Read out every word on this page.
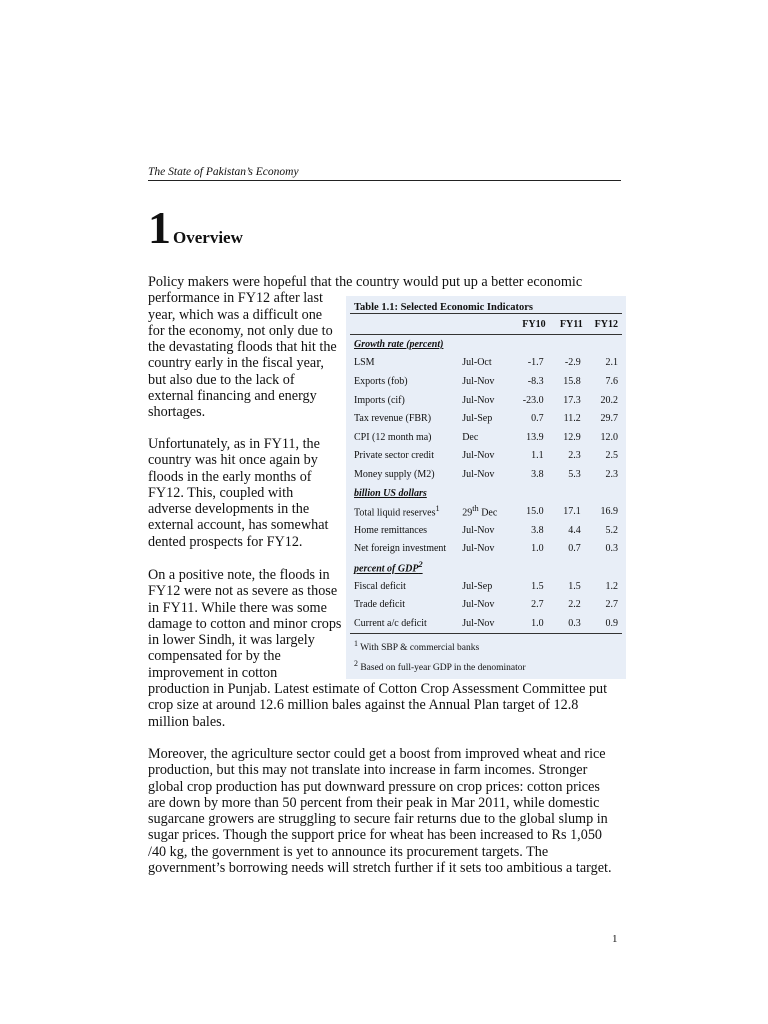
The State of Pakistan’s Economy
1 Overview
Policy makers were hopeful that the country would put up a better economic
performance in FY12 after last
year, which was a difficult one
for the economy, not only due to
the devastating floods that hit the
country early in the fiscal year,
but also due to the lack of
external financing and energy
shortages.
Unfortunately, as in FY11, the
country was hit once again by
floods in the early months of
FY12. This, coupled with
adverse developments in the
external account, has somewhat
dented prospects for FY12.
On a positive note, the floods in
FY12 were not as severe as those
in FY11. While there was some
damage to cotton and minor crops
in lower Sindh, it was largely
compensated for by the
improvement in cotton
production in Punjab. Latest estimate of Cotton Crop Assessment Committee put
crop size at around 12.6 million bales against the Annual Plan target of 12.8
million bales.
Moreover, the agriculture sector could get a boost from improved wheat and rice
production, but this may not translate into increase in farm incomes. Stronger
global crop production has put downward pressure on crop prices: cotton prices
are down by more than 50 percent from their peak in Mar 2011, while domestic
sugarcane growers are struggling to secure fair returns due to the global slump in
sugar prices. Though the support price for wheat has been increased to Rs 1,050
/40 kg, the government is yet to announce its procurement targets. The
government’s borrowing needs will stretch further if it sets too ambitious a target.
Table 1.1: Selected Economic Indicators
		FY10	FY11	FY12
Growth rate (percent)				
LSM	Jul-Oct	-1.7	-2.9	2.1
Exports (fob)	Jul-Nov	-8.3	15.8	7.6
Imports (cif)	Jul-Nov	-23.0	17.3	20.2
Tax revenue (FBR)	Jul-Sep	0.7	11.2	29.7
CPI (12 month ma)	Dec	13.9	12.9	12.0
Private sector credit	Jul-Nov	1.1	2.3	2.5
Money supply (M2)	Jul-Nov	3.8	5.3	2.3
billion US dollars				
Total liquid reserves$^1$	29th Dec	15.0	17.1	16.9
Home remittances	Jul-Nov	3.8	4.4	5.2
Net foreign investment	Jul-Nov	1.0	0.7	0.3
percent of GDP$^2$
Fiscal deficit	Jul-Sep	1.5	1.5	1.2
Trade deficit	Jul-Nov	2.7	2.2	2.7
Current a/c deficit	Jul-Nov	1.0	0.3	0.9
$^1$ With SBP & commercial banks
$^2$ Based on full-year GDP in the denominator
1
